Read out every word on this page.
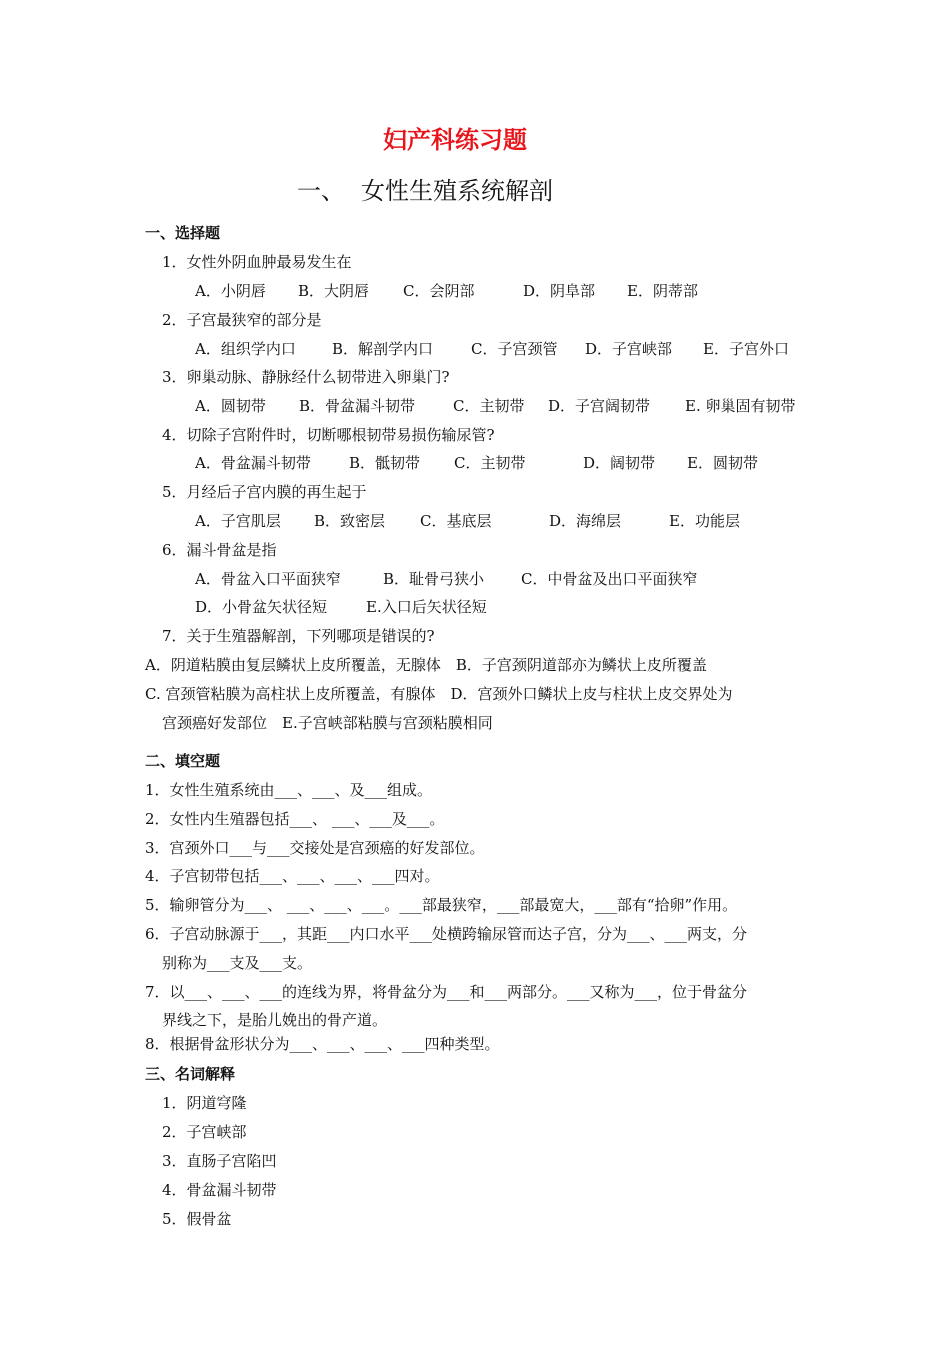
妇产科练习题
一、 女性生殖系统解剖
一、选择题
1．女性外阴血肿最易发生在
A．小阴唇 B．大阴唇 C．会阴部	D．阴阜部 E．阴蒂部
2．子宫最狭窄的部分是
A．组织学内口 B．解剖学内口	C．子宫颈管 D．子宫峡部 E．子宫外口
3．卵巢动脉、静脉经什么韧带进入卵巢门?
A．圆韧带 B．骨盆漏斗韧带	C．主韧带 D．子宫阔韧带 E. 卵巢固有韧带
4．切除子宫附件时，切断哪根韧带易损伤输尿管?
A．骨盆漏斗韧带	B．骶韧带 C．主韧带	D．阔韧带 E．圆韧带
5．月经后子宫内膜的再生起于
A．子宫肌层 B．致密层 C．基底层	D．海绵层	E．功能层
6．漏斗骨盆是指
A．骨盆入口平面狭窄	B．耻骨弓狭小 C．中骨盆及出口平面狭窄
D．小骨盆矢状径短	E.入口后矢状径短
7．关于生殖器解剖，下列哪项是错误的?
A．阴道粘膜由复层鳞状上皮所覆盖，无腺体　B．子宫颈阴道部亦为鳞状上皮所覆盖
C. 宫颈管粘膜为高柱状上皮所覆盖，有腺体　D．宫颈外口鳞状上皮与柱状上皮交界处为
宫颈癌好发部位　E.子宫峡部粘膜与宫颈粘膜相同
二、填空题
1．女性生殖系统由___、___、及___组成。
2．女性内生殖器包括___、 ___、___及___。
3．宫颈外口___与___交接处是宫颈癌的好发部位。
4．子宫韧带包括___、___、___、___四对。
5．输卵管分为___、 ___、___、___。___部最狭窄，___部最宽大，___部有“拾卵”作用。
6．子宫动脉源于___，其距___内口水平___处横跨输尿管而达子宫，分为___、___两支，分
别称为___支及___支。
7．以___、___、___的连线为界，将骨盆分为___和___两部分。___又称为___，位于骨盆分
界线之下，是胎儿娩出的骨产道。
8．根据骨盆形状分为___、___、___、___四种类型。
三、名词解释
1．阴道穹隆
2．子宫峡部
3．直肠子宫陷凹
4．骨盆漏斗韧带
5．假骨盆
